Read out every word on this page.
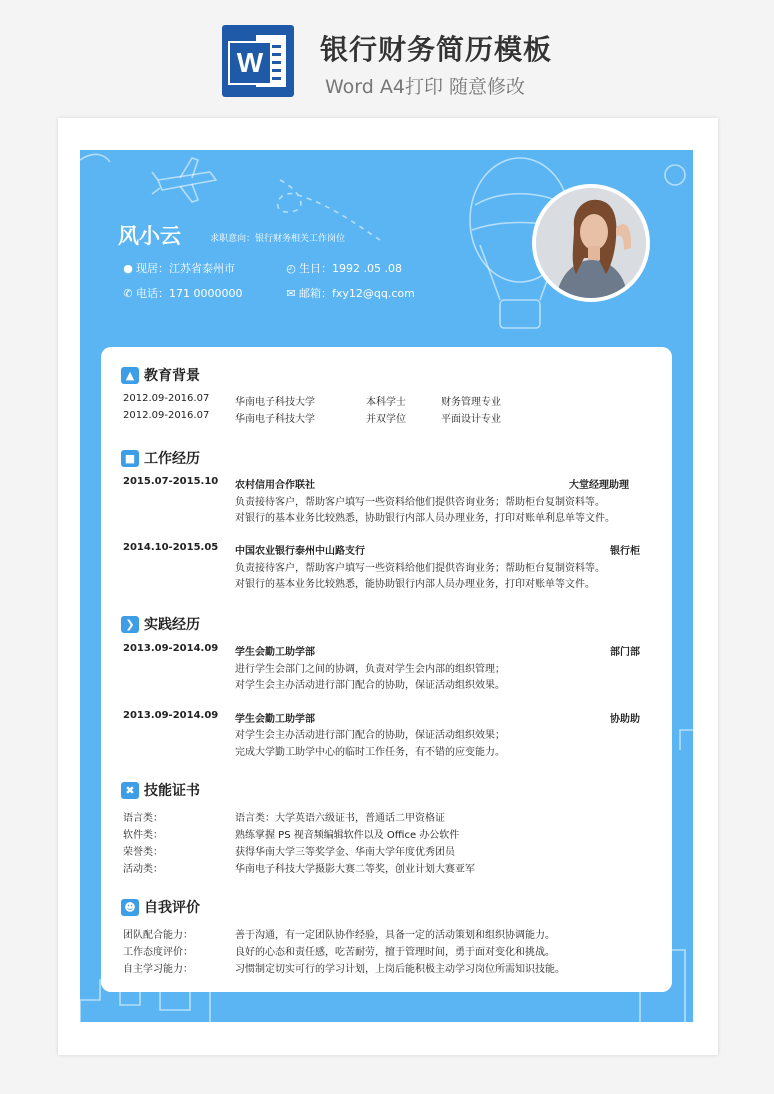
W	银行财务简历模板
Word A4打印 随意修改
风小云	求职意向：银行财务相关工作岗位
● 现居：江苏省泰州市	◴ 生日：1992 .05 .08
✆ 电话：171 0000000	✉ 邮箱：fxy12@qq.com
▲ 教育背景
2012.09-2016.07	华南电子科技大学	本科学士	财务管理专业
2012.09-2016.07	华南电子科技大学	并双学位	平面设计专业
■ 工作经历
2015.07-2015.10 农村信用合作联社	大堂经理助理
负责接待客户，帮助客户填写一些资料给他们提供咨询业务；帮助柜台复制资料等。
对银行的基本业务比较熟悉，协助银行内部人员办理业务，打印对账单利息单等文件。
2014.10-2015.05 中国农业银行泰州中山路支行	银行柜
负责接待客户，帮助客户填写一些资料给他们提供咨询业务；帮助柜台复制资料等。
对银行的基本业务比较熟悉，能协助银行内部人员办理业务，打印对账单等文件。
❯ 实践经历
2013.09-2014.09 学生会勤工助学部	部门部
进行学生会部门之间的协调，负责对学生会内部的组织管理；
对学生会主办活动进行部门配合的协助，保证活动组织效果。
2013.09-2014.09 学生会勤工助学部	协助助
对学生会主办活动进行部门配合的协助，保证活动组织效果；
完成大学勤工助学中心的临时工作任务，有不错的应变能力。
✖ 技能证书
语言类：	语言类：大学英语六级证书，普通话二甲资格证
软件类：	熟练掌握 PS 视音频编辑软件以及 Office 办公软件
荣誉类：	获得华南大学三等奖学金、华南大学年度优秀团员
活动类：	华南电子科技大学摄影大赛二等奖，创业计划大赛亚军
☻ 自我评价
团队配合能力：	善于沟通，有一定团队协作经验，具备一定的活动策划和组织协调能力。
工作态度评价：	良好的心态和责任感，吃苦耐劳，擅于管理时间，勇于面对变化和挑战。
自主学习能力：	习惯制定切实可行的学习计划，上岗后能积极主动学习岗位所需知识技能。
